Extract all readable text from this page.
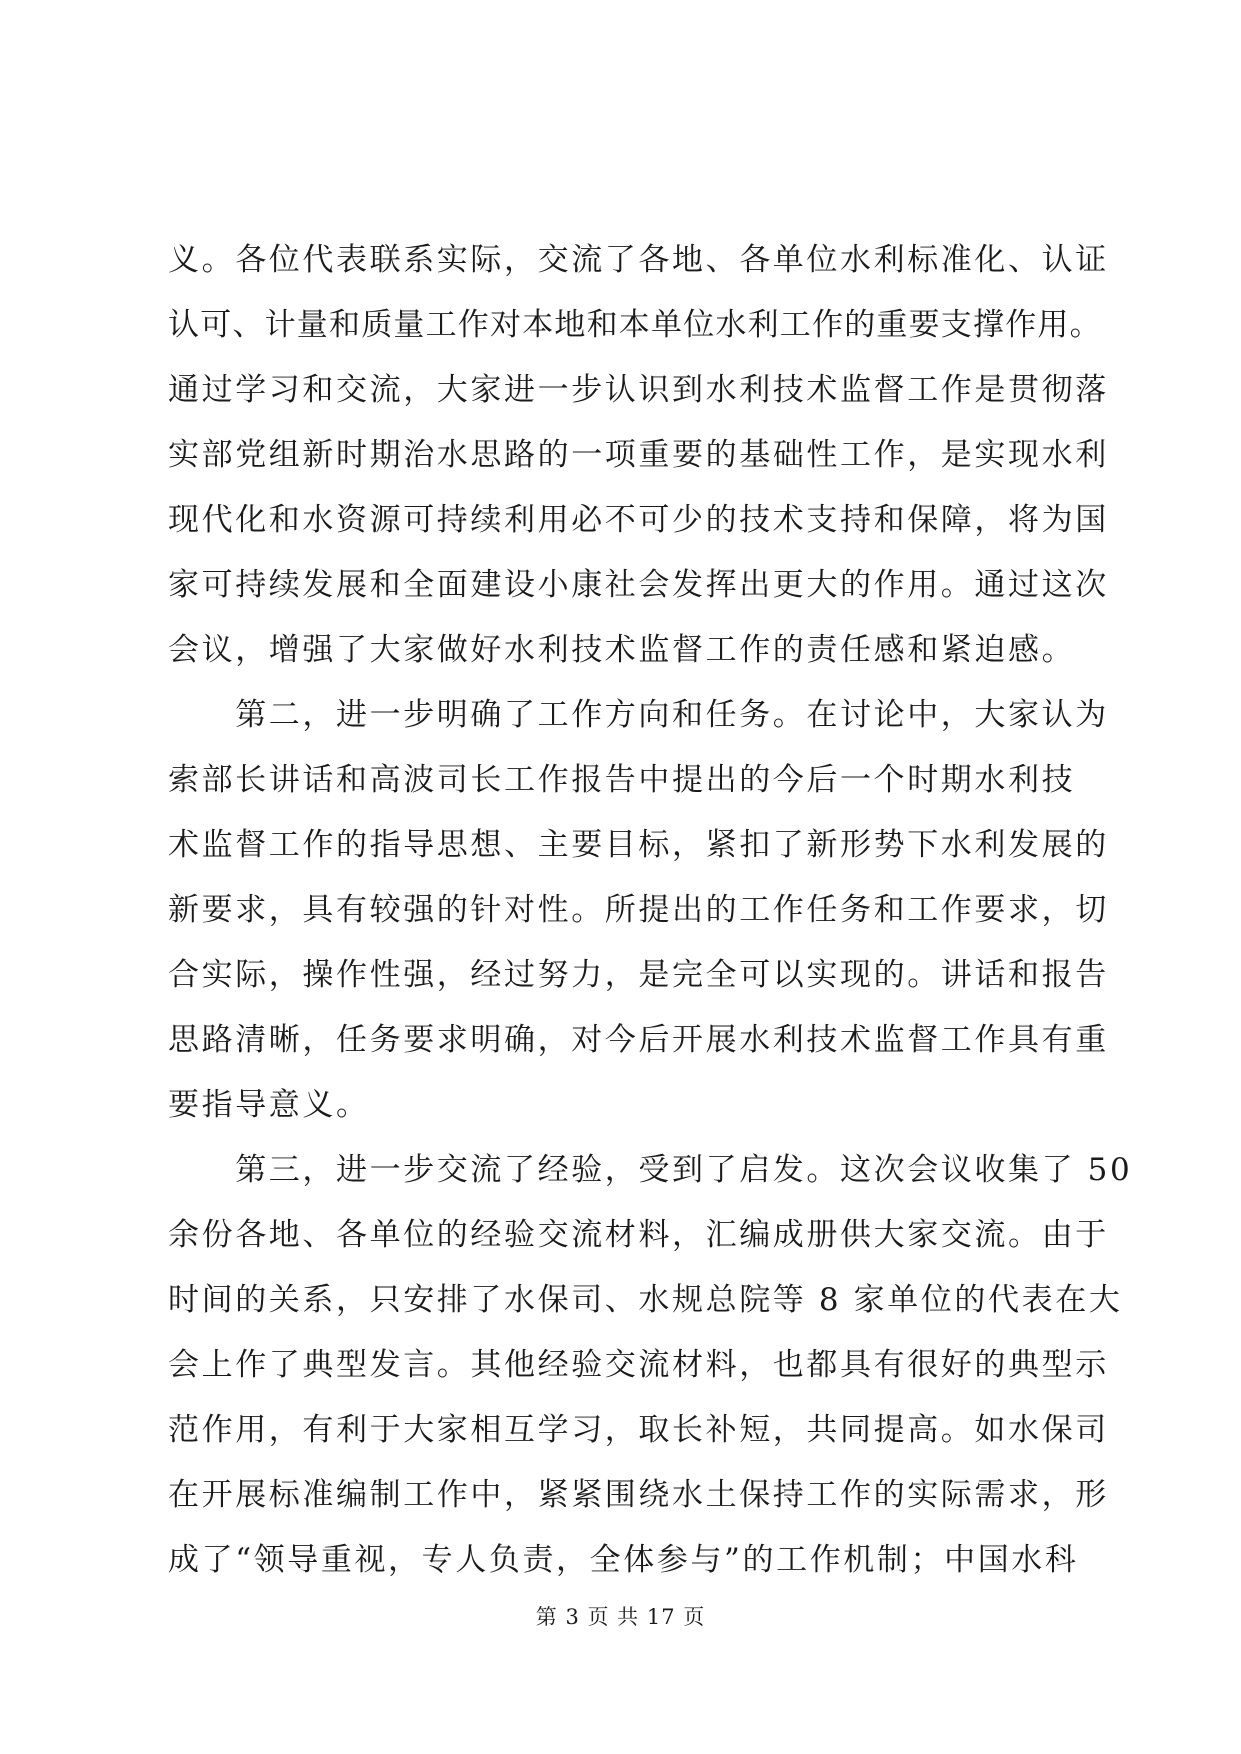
义。各位代表联系实际，交流了各地、各单位水利标准化、认证
认可、计量和质量工作对本地和本单位水利工作的重要支撑作用。
通过学习和交流，大家进一步认识到水利技术监督工作是贯彻落
实部党组新时期治水思路的一项重要的基础性工作，是实现水利
现代化和水资源可持续利用必不可少的技术支持和保障，将为国
家可持续发展和全面建设小康社会发挥出更大的作用。通过这次
会议，增强了大家做好水利技术监督工作的责任感和紧迫感。
　　第二，进一步明确了工作方向和任务。在讨论中，大家认为
索部长讲话和高波司长工作报告中提出的今后一个时期水利技
术监督工作的指导思想、主要目标，紧扣了新形势下水利发展的
新要求，具有较强的针对性。所提出的工作任务和工作要求，切
合实际，操作性强，经过努力，是完全可以实现的。讲话和报告
思路清晰，任务要求明确，对今后开展水利技术监督工作具有重
要指导意义。
　　第三，进一步交流了经验，受到了启发。这次会议收集了 50
余份各地、各单位的经验交流材料，汇编成册供大家交流。由于
时间的关系，只安排了水保司、水规总院等 8 家单位的代表在大
会上作了典型发言。其他经验交流材料，也都具有很好的典型示
范作用，有利于大家相互学习，取长补短，共同提高。如水保司
在开展标准编制工作中，紧紧围绕水土保持工作的实际需求，形
成了“领导重视，专人负责，全体参与”的工作机制；中国水科
第 3 页 共 17 页
